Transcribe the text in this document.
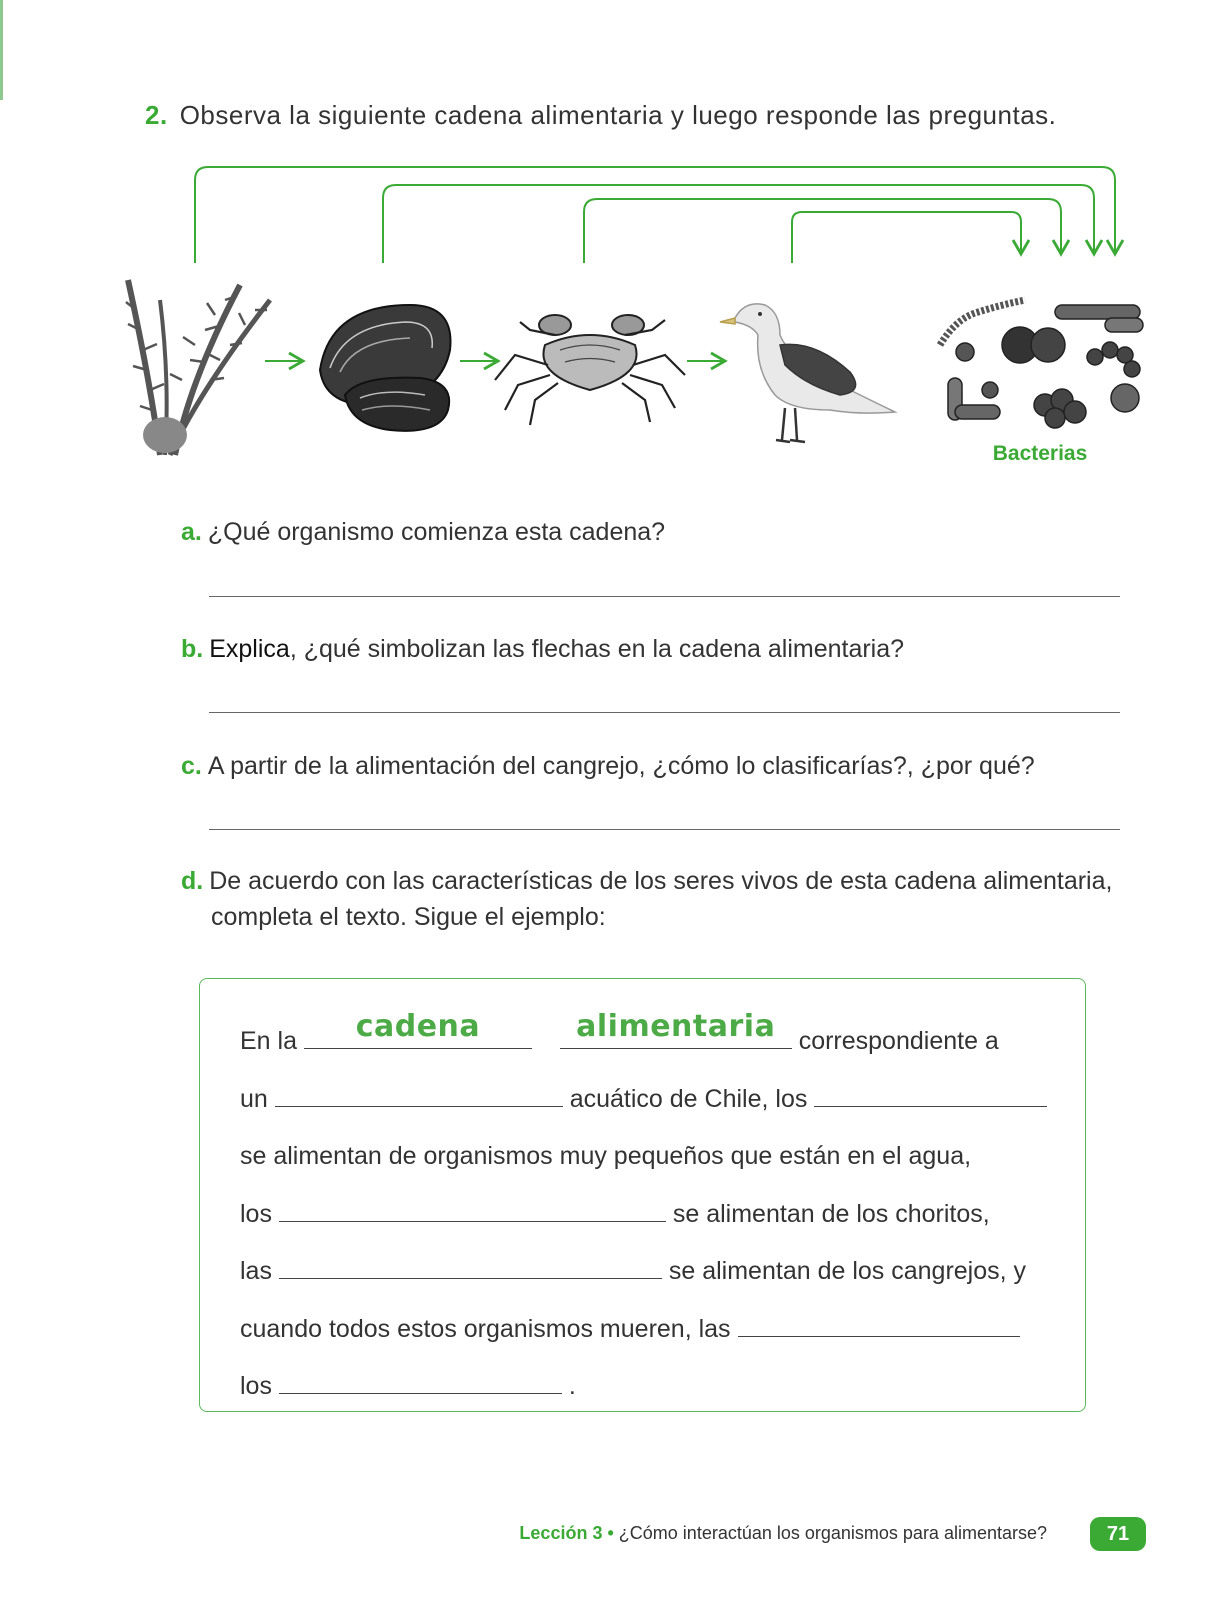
2. Observa la siguiente cadena alimentaria y luego responde las preguntas.
Bacterias
a. ¿Qué organismo comienza esta cadena?
b. Explica, ¿qué simbolizan las flechas en la cadena alimentaria?
c. A partir de la alimentación del cangrejo, ¿cómo lo clasificarías?, ¿por qué?
d. De acuerdo con las características de los seres vivos de esta cadena alimentaria,
completa el texto. Sigue el ejemplo:
En la	cadena
	alimentaria correspondiente a
un	acuático de Chile, los
se alimentan de organismos muy pequeños que están en el agua,
los	se alimentan de los choritos,
las	se alimentan de los cangrejos, y
cuando todos estos organismos mueren, las
los	.
Lección 3 • ¿Cómo interactúan los organismos para alimentarse?	71
